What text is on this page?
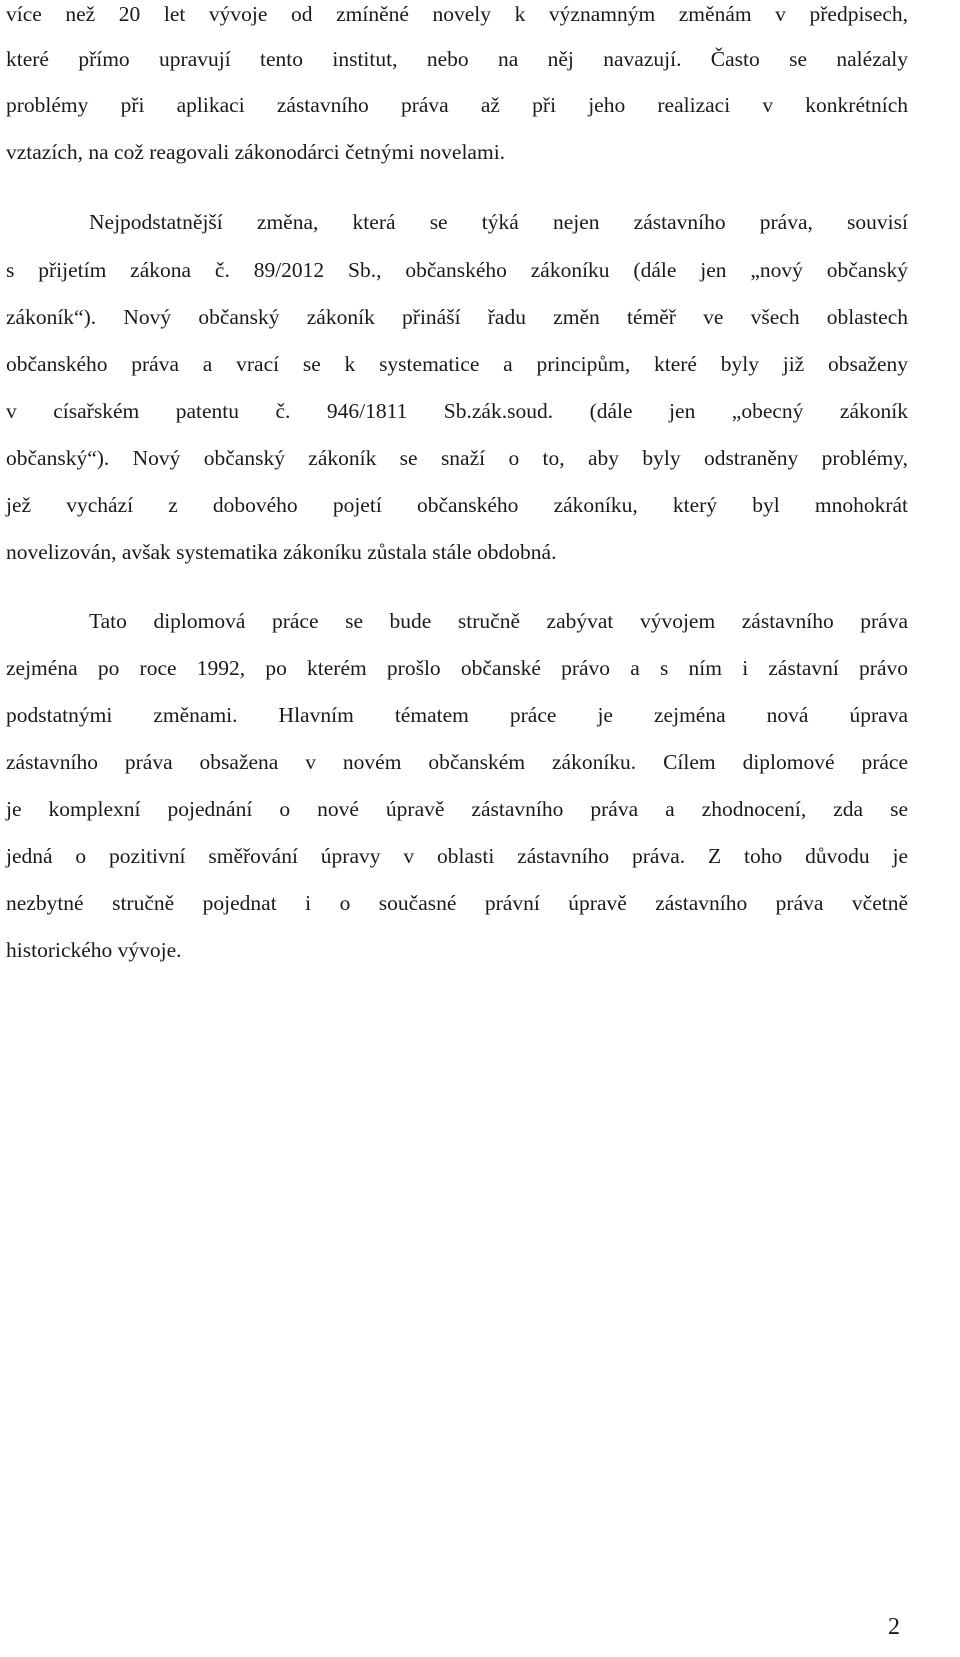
více než 20 let vývoje od zmíněné novely k významným změnám v předpisech,
které přímo upravují tento institut, nebo na něj navazují. Často se nalézaly
problémy při aplikaci zástavního práva až při jeho realizaci v konkrétních
vztazích, na což reagovali zákonodárci četnými novelami.
Nejpodstatnější změna, která se týká nejen zástavního práva, souvisí
s přijetím zákona č. 89/2012 Sb., občanského zákoníku (dále jen „nový občanský
zákoník“). Nový občanský zákoník přináší řadu změn téměř ve všech oblastech
občanského práva a vrací se k systematice a principům, které byly již obsaženy
v císařském patentu č. 946/1811 Sb.zák.soud. (dále jen „obecný zákoník
občanský“). Nový občanský zákoník se snaží o to, aby byly odstraněny problémy,
jež vychází z dobového pojetí občanského zákoníku, který byl mnohokrát
novelizován, avšak systematika zákoníku zůstala stále obdobná.
Tato diplomová práce se bude stručně zabývat vývojem zástavního práva
zejména po roce 1992, po kterém prošlo občanské právo a s ním i zástavní právo
podstatnými změnami. Hlavním tématem práce je zejména nová úprava
zástavního práva obsažena v novém občanském zákoníku. Cílem diplomové práce
je komplexní pojednání o nové úpravě zástavního práva a zhodnocení, zda se
jedná o pozitivní směřování úpravy v oblasti zástavního práva. Z toho důvodu je
nezbytné stručně pojednat i o současné právní úpravě zástavního práva včetně
historického vývoje.
2
